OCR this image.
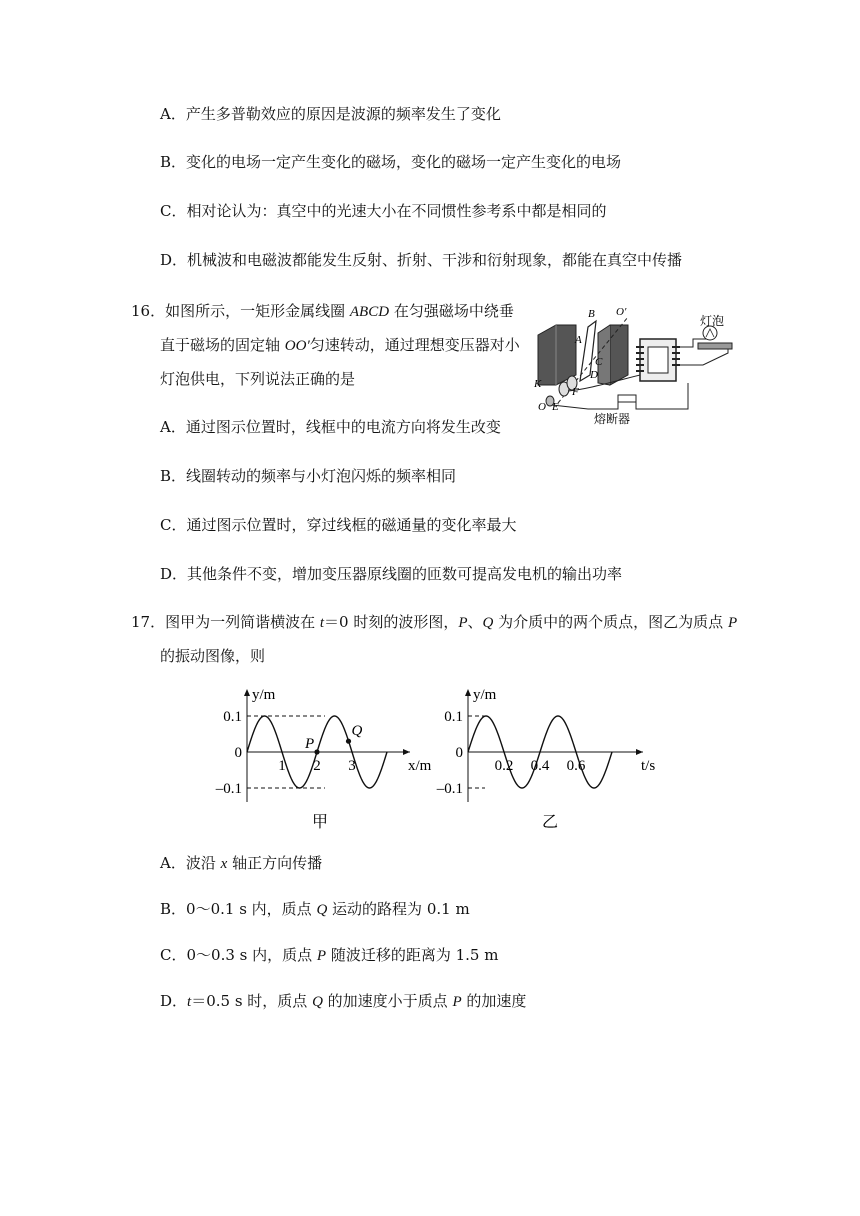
A．产生多普勒效应的原因是波源的频率发生了变化
B．变化的电场一定产生变化的磁场，变化的磁场一定产生变化的电场
C．相对论认为：真空中的光速大小在不同惯性参考系中都是相同的
D．机械波和电磁波都能发生反射、折射、干涉和衍射现象，都能在真空中传播
16．如图所示，一矩形金属线圈 ABCD 在匀强磁场中绕垂
直于磁场的固定轴 OO′匀速转动，通过理想变压器对小
灯泡供电，下列说法正确的是
B
A
O′
C
D
F
K
O E
灯泡
熔断器
A．通过图示位置时，线框中的电流方向将发生改变
B．线圈转动的频率与小灯泡闪烁的频率相同
C．通过图示位置时，穿过线框的磁通量的变化率最大
D．其他条件不变，增加变压器原线圈的匝数可提高发电机的输出功率
17．图甲为一列简谐横波在 t＝0 时刻的波形图，P、Q 为介质中的两个质点，图乙为质点 P
的振动图像，则
0.1
0
–0.1
1 2 3
y/m
x/m
甲
P
Q
0.1
0
–0.1
0.2 0.4 0.6
y/m
t/s
乙
A．波沿 x 轴正方向传播
B．0～0.1 s 内，质点 Q 运动的路程为 0.1 m
C．0～0.3 s 内，质点 P 随波迁移的距离为 1.5 m
D．t＝0.5 s 时，质点 Q 的加速度小于质点 P 的加速度
